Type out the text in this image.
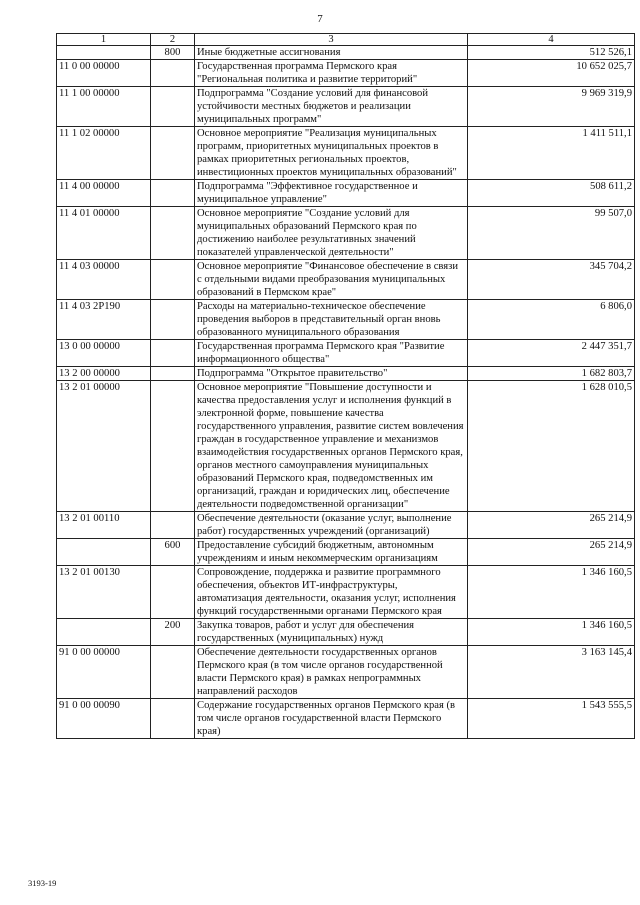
7
1	2	3	4
	800	Иные бюджетные ассигнования	512 526,1
11 0 00 00000		Государственная программа Пермского края "Региональная политика и развитие территорий"	10 652 025,7
11 1 00 00000		Подпрограмма "Создание условий для финансовой устойчивости местных бюджетов и реализации муниципальных программ"	9 969 319,9
11 1 02 00000		Основное мероприятие "Реализация муниципальных программ, приоритетных муниципальных проектов в рамках приоритетных региональных проектов, инвестиционных проектов муниципальных образований"	1 411 511,1
11 4 00 00000		Подпрограмма "Эффективное государственное и муниципальное управление"	508 611,2
11 4 01 00000		Основное мероприятие "Создание условий для муниципальных образований Пермского края по достижению наиболее результативных значений показателей управленческой деятельности"	99 507,0
11 4 03 00000		Основное мероприятие "Финансовое обеспечение в связи с отдельными видами преобразования муниципальных образований в Пермском крае"	345 704,2
11 4 03 2Р190		Расходы на материально-техническое обеспечение проведения выборов в представительный орган вновь образованного муниципального образования	6 806,0
13 0 00 00000		Государственная программа Пермского края "Развитие информационного общества"	2 447 351,7
13 2 00 00000		Подпрограмма "Открытое правительство"	1 682 803,7
13 2 01 00000		Основное мероприятие "Повышение доступности и качества предоставления услуг и исполнения функций в электронной форме, повышение качества государственного управления, развитие систем вовлечения граждан в государственное управление и механизмов взаимодействия государственных органов Пермского края, органов местного самоуправления муниципальных образований Пермского края, подведомственных им организаций, граждан и юридических лиц, обеспечение деятельности подведомственной организации"	1 628 010,5
13 2 01 00110		Обеспечение деятельности (оказание услуг, выполнение работ) государственных учреждений (организаций)	265 214,9
	600	Предоставление субсидий бюджетным, автономным учреждениям и иным некоммерческим организациям	265 214,9
13 2 01 00130		Сопровождение, поддержка и развитие программного обеспечения, объектов ИТ-инфраструктуры, автоматизация деятельности, оказания услуг, исполнения функций государственными органами Пермского края	1 346 160,5
	200	Закупка товаров, работ и услуг для обеспечения государственных (муниципальных) нужд	1 346 160,5
91 0 00 00000		Обеспечение деятельности государственных органов Пермского края (в том числе органов государственной власти Пермского края) в рамках непрограммных направлений расходов	3 163 145,4
91 0 00 00090		Содержание государственных органов Пермского края (в том числе органов государственной власти Пермского края)	1 543 555,5
3193-19
